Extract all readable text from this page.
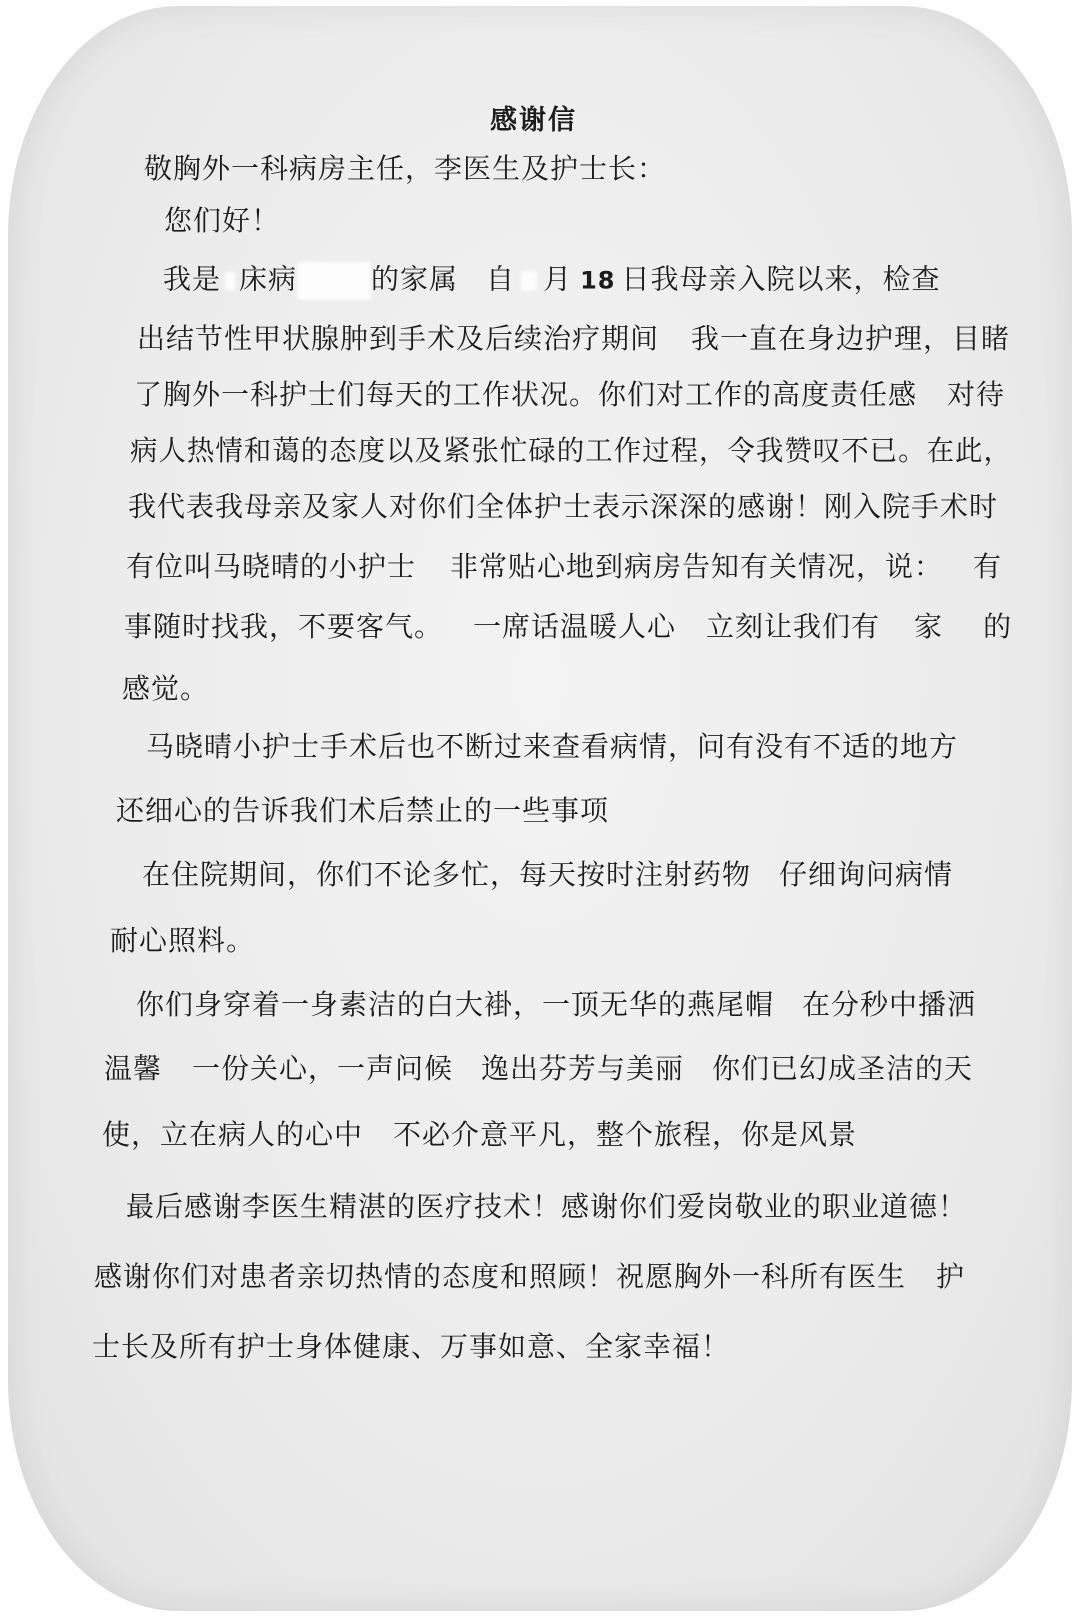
感谢信
敬胸外一科病房主任，李医生及护士长：
您们好！
我是 床病	的家属 自 月 18 日我母亲入院以来，检查
出结节性甲状腺肿到手术及后续治疗期间 我一直在身边护理，目睹
了胸外一科护士们每天的工作状况。你们对工作的高度责任感 对待
病人热情和蔼的态度以及紧张忙碌的工作过程，令我赞叹不已。在此，
我代表我母亲及家人对你们全体护士表示深深的感谢！刚入院手术时
有位叫马晓晴的小护士 非常贴心地到病房告知有关情况，说： 有
事随时找我，不要客气。 一席话温暖人心 立刻让我们有 家 的
感觉。
马晓晴小护士手术后也不断过来查看病情，问有没有不适的地方
还细心的告诉我们术后禁止的一些事项
在住院期间，你们不论多忙，每天按时注射药物 仔细询问病情
耐心照料。
你们身穿着一身素洁的白大褂，一顶无华的燕尾帽 在分秒中播洒
温馨 一份关心，一声问候 逸出芬芳与美丽 你们已幻成圣洁的天
使，立在病人的心中 不必介意平凡，整个旅程，你是风景
最后感谢李医生精湛的医疗技术！感谢你们爱岗敬业的职业道德！
感谢你们对患者亲切热情的态度和照顾！祝愿胸外一科所有医生 护
士长及所有护士身体健康、万事如意、全家幸福！
